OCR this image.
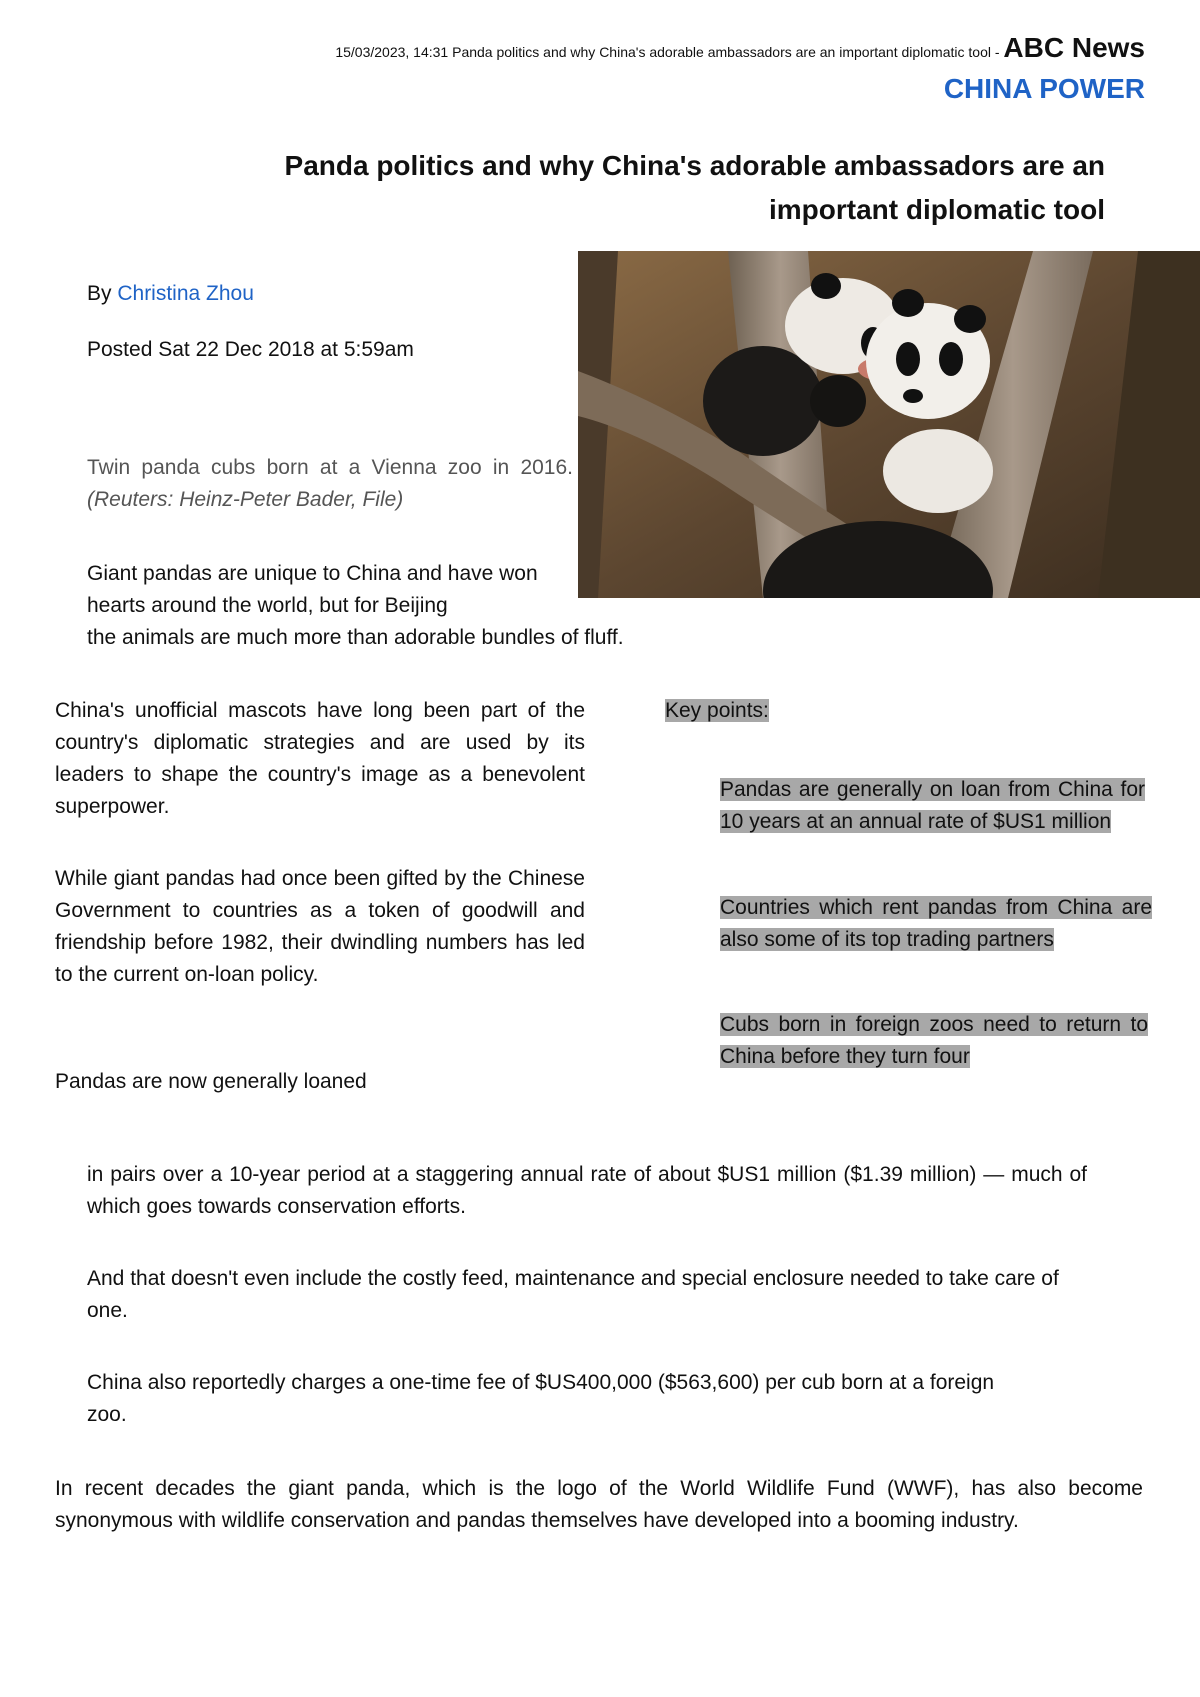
15/03/2023, 14:31 Panda politics and why China's adorable ambassadors are an important diplomatic tool - ABC News
CHINA POWER
Panda politics and why China's adorable ambassadors are an important diplomatic tool

By Christina Zhou

Posted Sat 22 Dec 2018 at 5:59am

Twin panda cubs born at a Vienna zoo in 2016. (Reuters: Heinz-Peter Bader, File)

Giant pandas are unique to China and have won hearts around the world, but for Beijing

the animals are much more than adorable bundles of fluff.

China's unofficial mascots have long been part of the country's diplomatic strategies and are used by its leaders to shape the country's image as a benevolent superpower.

While giant pandas had once been gifted by the Chinese Government to countries as a token of goodwill and friendship before 1982, their dwindling numbers has led to the current on-loan policy.

Pandas are now generally loaned

Key points:

Pandas are generally on loan from China for 10 years at an annual rate of $US1 million

Countries which rent pandas from China are also some of its top trading partners

Cubs born in foreign zoos need to return to China before they turn four

in pairs over a 10-year period at a staggering annual rate of about $US1 million ($1.39 million) — much of which goes towards conservation efforts.

And that doesn't even include the costly feed, maintenance and special enclosure needed to take care of one.

China also reportedly charges a one-time fee of $US400,000 ($563,600) per cub born at a foreign zoo.

In recent decades the giant panda, which is the logo of the World Wildlife Fund (WWF), has also become synonymous with wildlife conservation and pandas themselves have developed into a booming industry.
